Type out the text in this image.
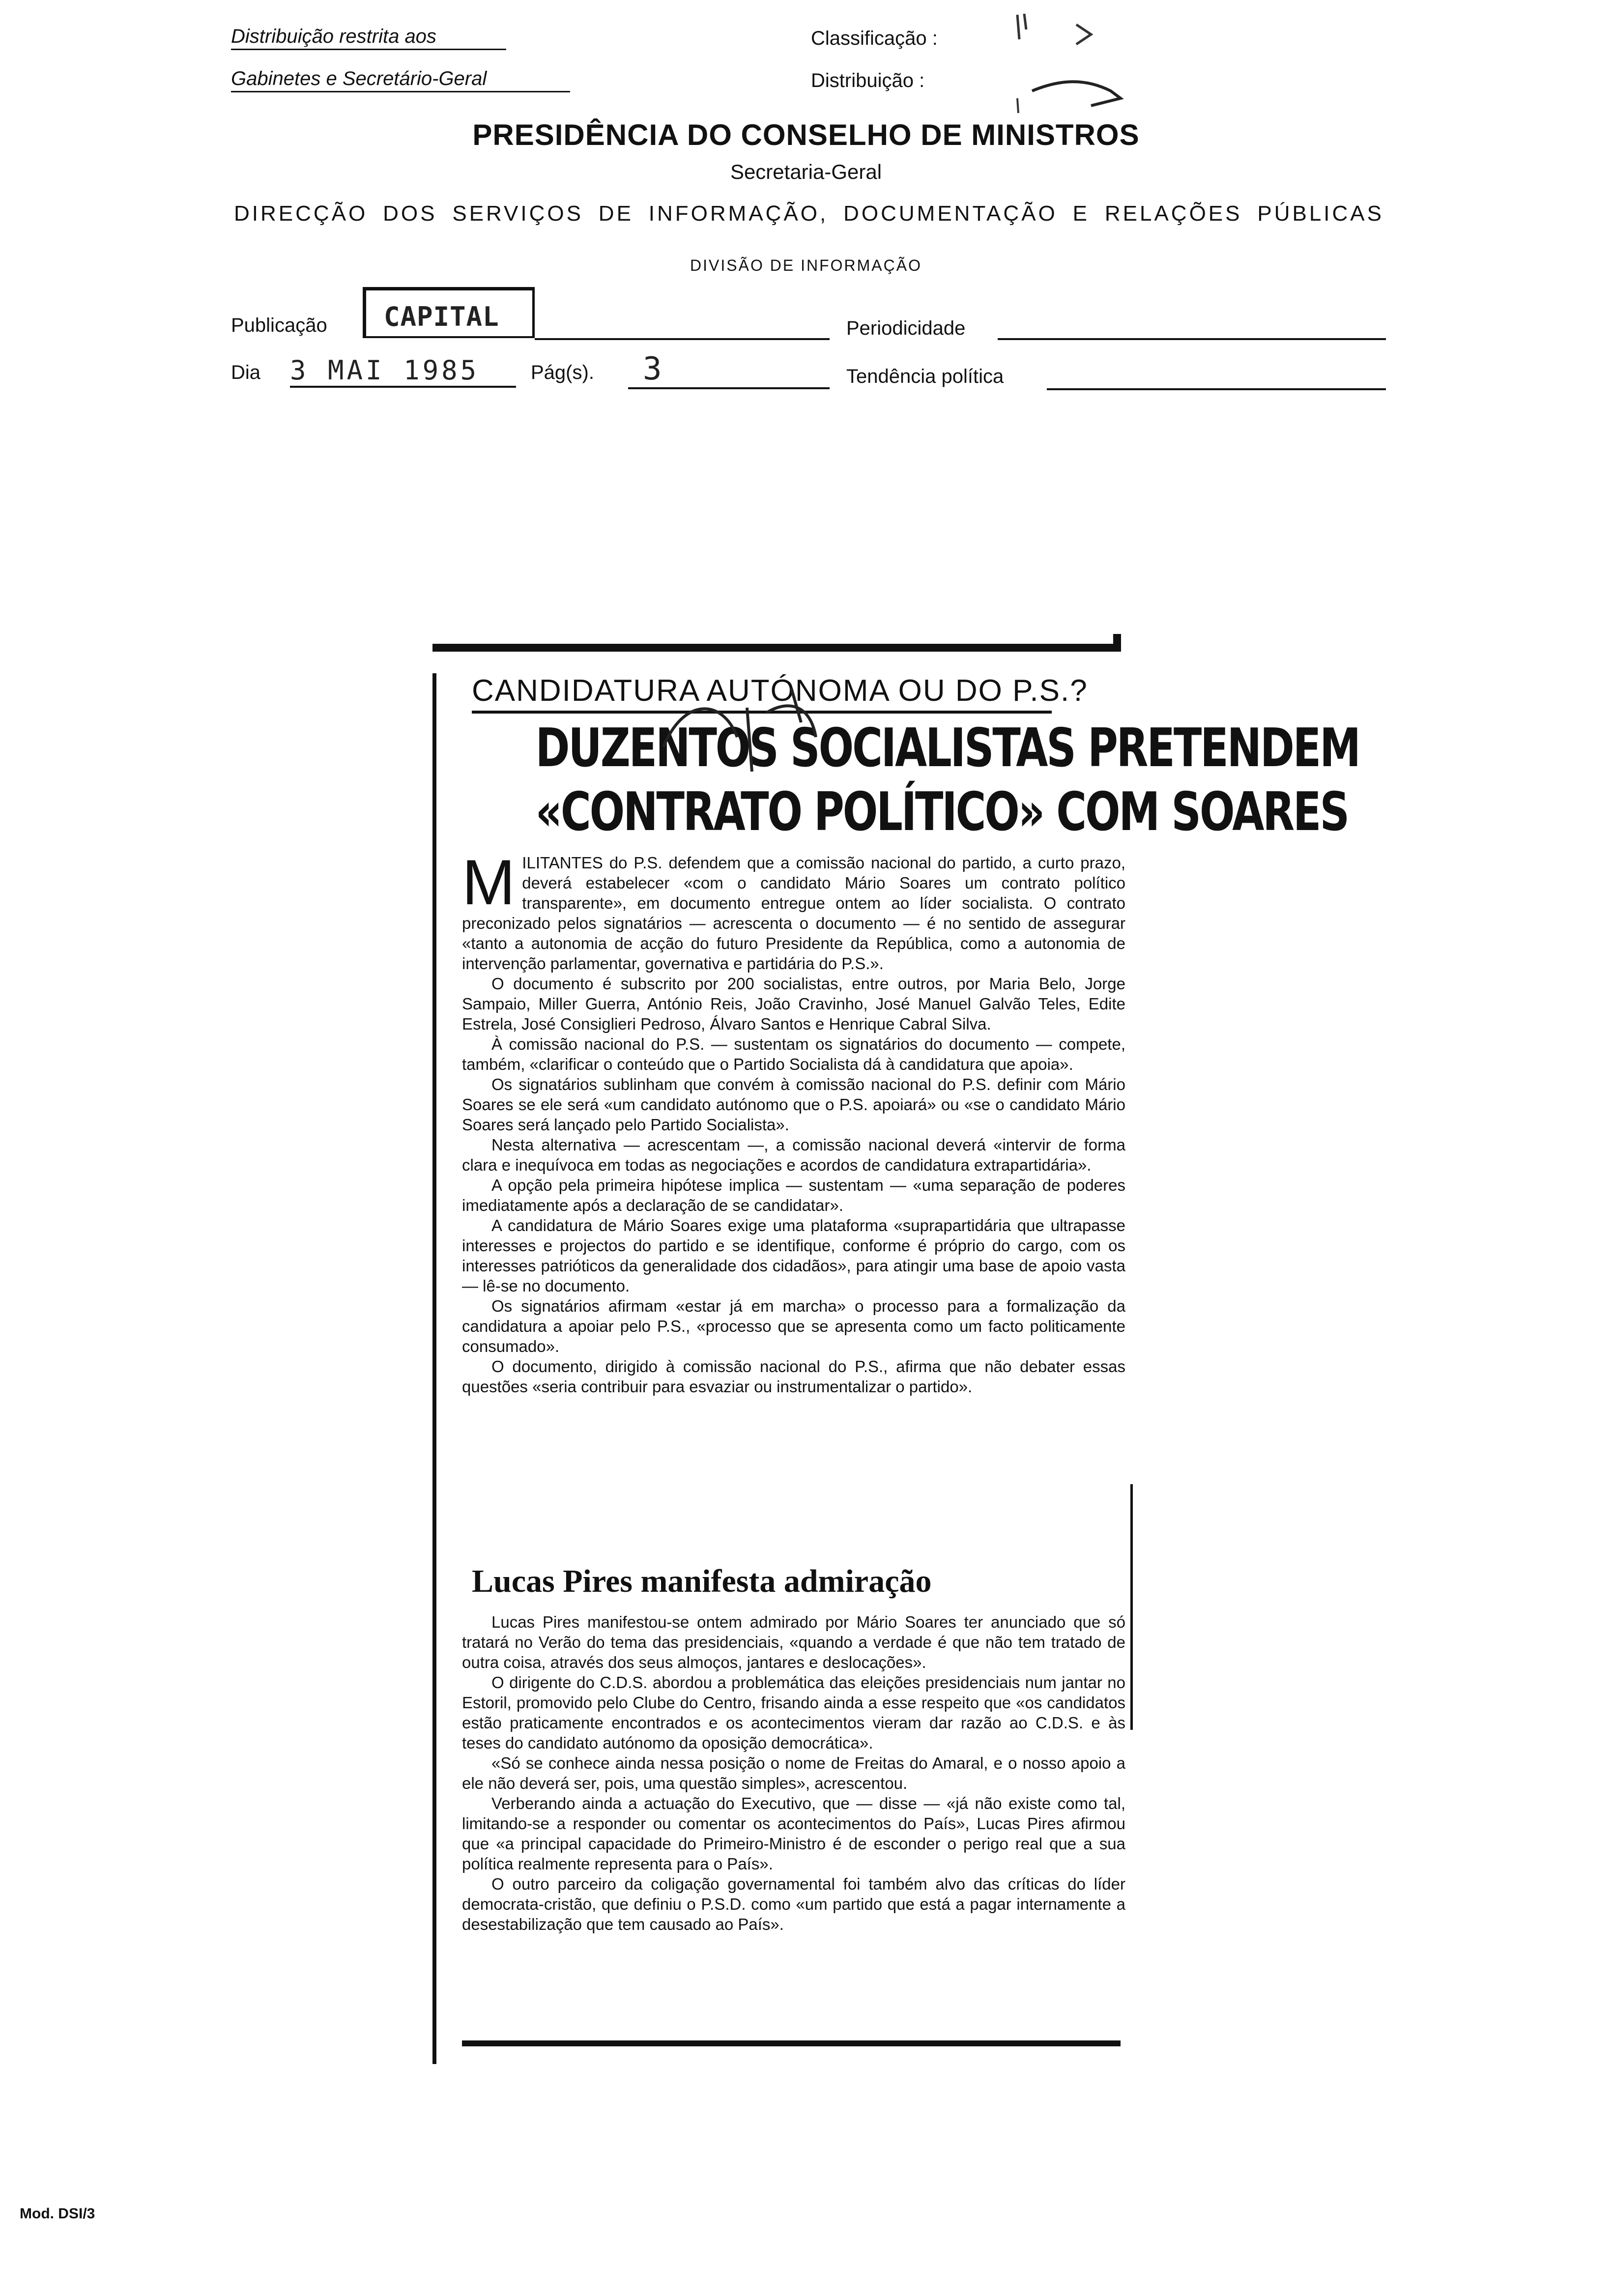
Distribuição restrita aos
Gabinetes e Secretário-Geral
Classificação :
Distribuição :
PRESIDÊNCIA DO CONSELHO DE MINISTROS
Secretaria-Geral
DIRECÇÃO DOS SERVIÇOS DE INFORMAÇÃO, DOCUMENTAÇÃO E RELAÇÕES PÚBLICAS
DIVISÃO DE INFORMAÇÃO
Publicação CAPITAL	Periodicidade
Dia 3 MAI 1985	Pág(s).	3	Tendência política
CANDIDATURA AUTÓNOMA OU DO P.S.?
DUZENTOS SOCIALISTAS PRETENDEM
«CONTRATO POLÍTICO» COM SOARES

MILITANTES do P.S. defendem que a comissão nacional do partido, a curto prazo, deverá estabelecer «com o candidato Mário Soares um contrato político transparente», em documento entregue ontem ao líder socialista. O contrato preconizado pelos signatários — acrescenta o documento — é no sentido de assegurar «tanto a autonomia de acção do futuro Presidente da República, como a autonomia de intervenção parlamentar, governativa e partidária do P.S.».

O documento é subscrito por 200 socialistas, entre outros, por Maria Belo, Jorge Sampaio, Miller Guerra, António Reis, João Cravinho, José Manuel Galvão Teles, Edite Estrela, José Consiglieri Pedroso, Álvaro Santos e Henrique Cabral Silva.

À comissão nacional do P.S. — sustentam os signatários do documento — compete, também, «clarificar o conteúdo que o Partido Socialista dá à candidatura que apoia».

Os signatários sublinham que convém à comissão nacional do P.S. definir com Mário Soares se ele será «um candidato autónomo que o P.S. apoiará» ou «se o candidato Mário Soares será lançado pelo Partido Socialista».

Nesta alternativa — acrescentam —, a comissão nacional deverá «intervir de forma clara e inequívoca em todas as negociações e acordos de candidatura extrapartidária».

A opção pela primeira hipótese implica — sustentam — «uma separação de poderes imediatamente após a declaração de se candidatar».

A candidatura de Mário Soares exige uma plataforma «suprapartidária que ultrapasse interesses e projectos do partido e se identifique, conforme é próprio do cargo, com os interesses patrióticos da generalidade dos cidadãos», para atingir uma base de apoio vasta — lê-se no documento.

Os signatários afirmam «estar já em marcha» o processo para a formalização da candidatura a apoiar pelo P.S., «processo que se apresenta como um facto politicamente consumado».

O documento, dirigido à comissão nacional do P.S., afirma que não debater essas questões «seria contribuir para esvaziar ou instrumentalizar o partido».

Lucas Pires manifesta admiração

Lucas Pires manifestou-se ontem admirado por Mário Soares ter anunciado que só tratará no Verão do tema das presidenciais, «quando a verdade é que não tem tratado de outra coisa, através dos seus almoços, jantares e deslocações».

O dirigente do C.D.S. abordou a problemática das eleições presidenciais num jantar no Estoril, promovido pelo Clube do Centro, frisando ainda a esse respeito que «os candidatos estão praticamente encontrados e os acontecimentos vieram dar razão ao C.D.S. e às teses do candidato autónomo da oposição democrática».

«Só se conhece ainda nessa posição o nome de Freitas do Amaral, e o nosso apoio a ele não deverá ser, pois, uma questão simples», acrescentou.

Verberando ainda a actuação do Executivo, que — disse — «já não existe como tal, limitando-se a responder ou comentar os acontecimentos do País», Lucas Pires afirmou que «a principal capacidade do Primeiro-Ministro é de esconder o perigo real que a sua política realmente representa para o País».

O outro parceiro da coligação governamental foi também alvo das críticas do líder democrata-cristão, que definiu o P.S.D. como «um partido que está a pagar internamente a desestabilização que tem causado ao País».

Mod. DSI/3
